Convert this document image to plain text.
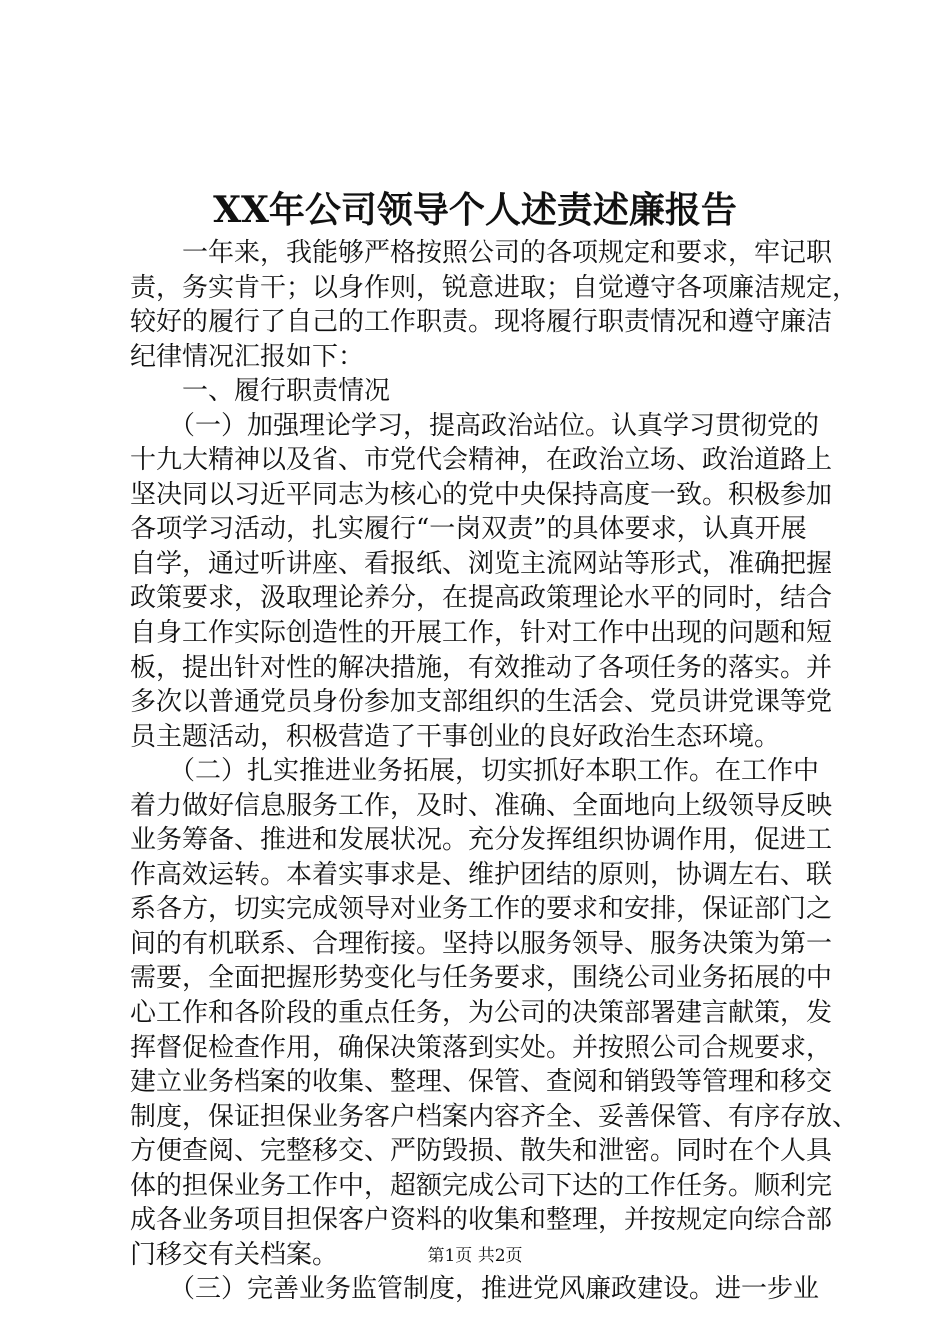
XX年公司领导个人述责述廉报告
　　一年来，我能够严格按照公司的各项规定和要求，牢记职
责，务实肯干；以身作则，锐意进取；自觉遵守各项廉洁规定，
较好的履行了自己的工作职责。现将履行职责情况和遵守廉洁
纪律情况汇报如下：
　　一、履行职责情况
　　（一）加强理论学习，提高政治站位。认真学习贯彻党的
十九大精神以及省、市党代会精神，在政治立场、政治道路上
坚决同以习近平同志为核心的党中央保持高度一致。积极参加
各项学习活动，扎实履行“一岗双责”的具体要求，认真开展
自学，通过听讲座、看报纸、浏览主流网站等形式，准确把握
政策要求，汲取理论养分，在提高政策理论水平的同时，结合
自身工作实际创造性的开展工作，针对工作中出现的问题和短
板，提出针对性的解决措施，有效推动了各项任务的落实。并
多次以普通党员身份参加支部组织的生活会、党员讲党课等党
员主题活动，积极营造了干事创业的良好政治生态环境。
　　（二）扎实推进业务拓展，切实抓好本职工作。在工作中
着力做好信息服务工作，及时、准确、全面地向上级领导反映
业务筹备、推进和发展状况。充分发挥组织协调作用，促进工
作高效运转。本着实事求是、维护团结的原则，协调左右、联
系各方，切实完成领导对业务工作的要求和安排，保证部门之
间的有机联系、合理衔接。坚持以服务领导、服务决策为第一
需要，全面把握形势变化与任务要求，围绕公司业务拓展的中
心工作和各阶段的重点任务，为公司的决策部署建言献策，发
挥督促检查作用，确保决策落到实处。并按照公司合规要求，
建立业务档案的收集、整理、保管、查阅和销毁等管理和移交
制度，保证担保业务客户档案内容齐全、妥善保管、有序存放、
方便查阅、完整移交、严防毁损、散失和泄密。同时在个人具
体的担保业务工作中，超额完成公司下达的工作任务。顺利完
成各业务项目担保客户资料的收集和整理，并按规定向综合部
门移交有关档案。
　　（三）完善业务监管制度，推进党风廉政建设。进一步业
第1页 共2页
